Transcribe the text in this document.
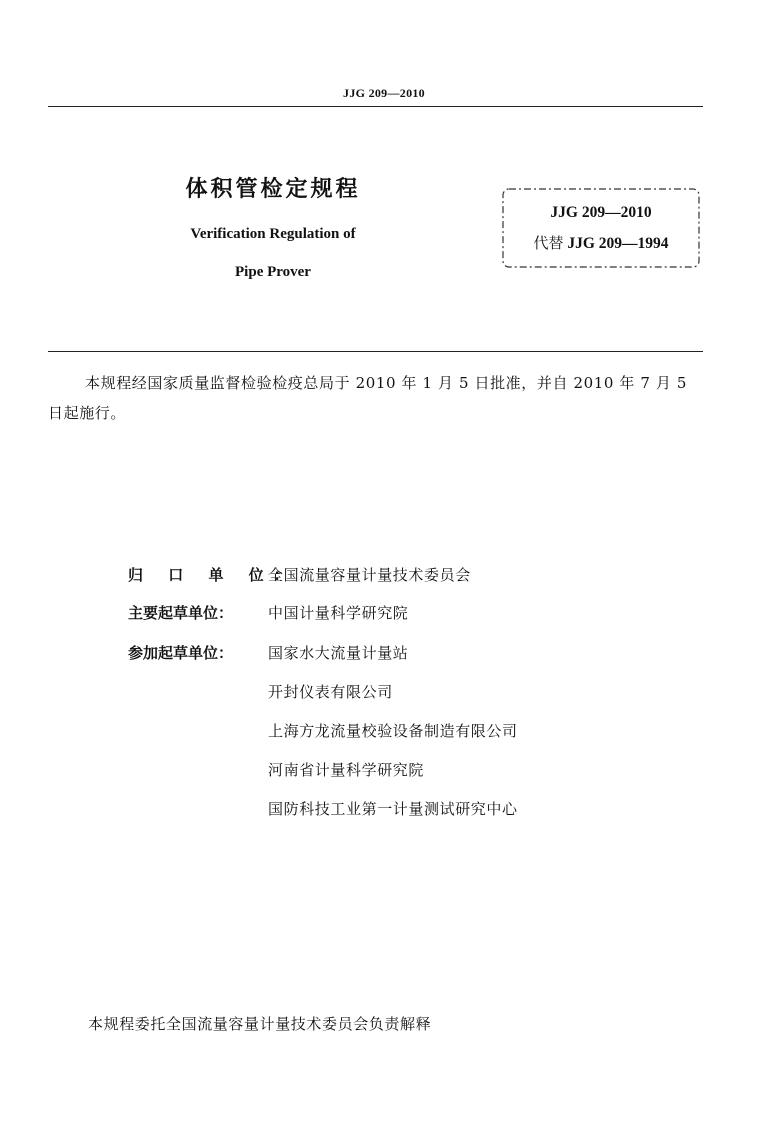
JJG 209—2010
体积管检定规程
Verification Regulation of
Pipe Prover
JJG 209—2010
代替 JJG 209—1994
本规程经国家质量监督检验检疫总局于 2010 年 1 月 5 日批准，并自 2010 年 7 月 5 日起施行。
归 口 单 位：全国流量容量计量技术委员会
主要起草单位： 中国计量科学研究院
参加起草单位： 国家水大流量计量站
开封仪表有限公司
上海方龙流量校验设备制造有限公司
河南省计量科学研究院
国防科技工业第一计量测试研究中心
本规程委托全国流量容量计量技术委员会负责解释
